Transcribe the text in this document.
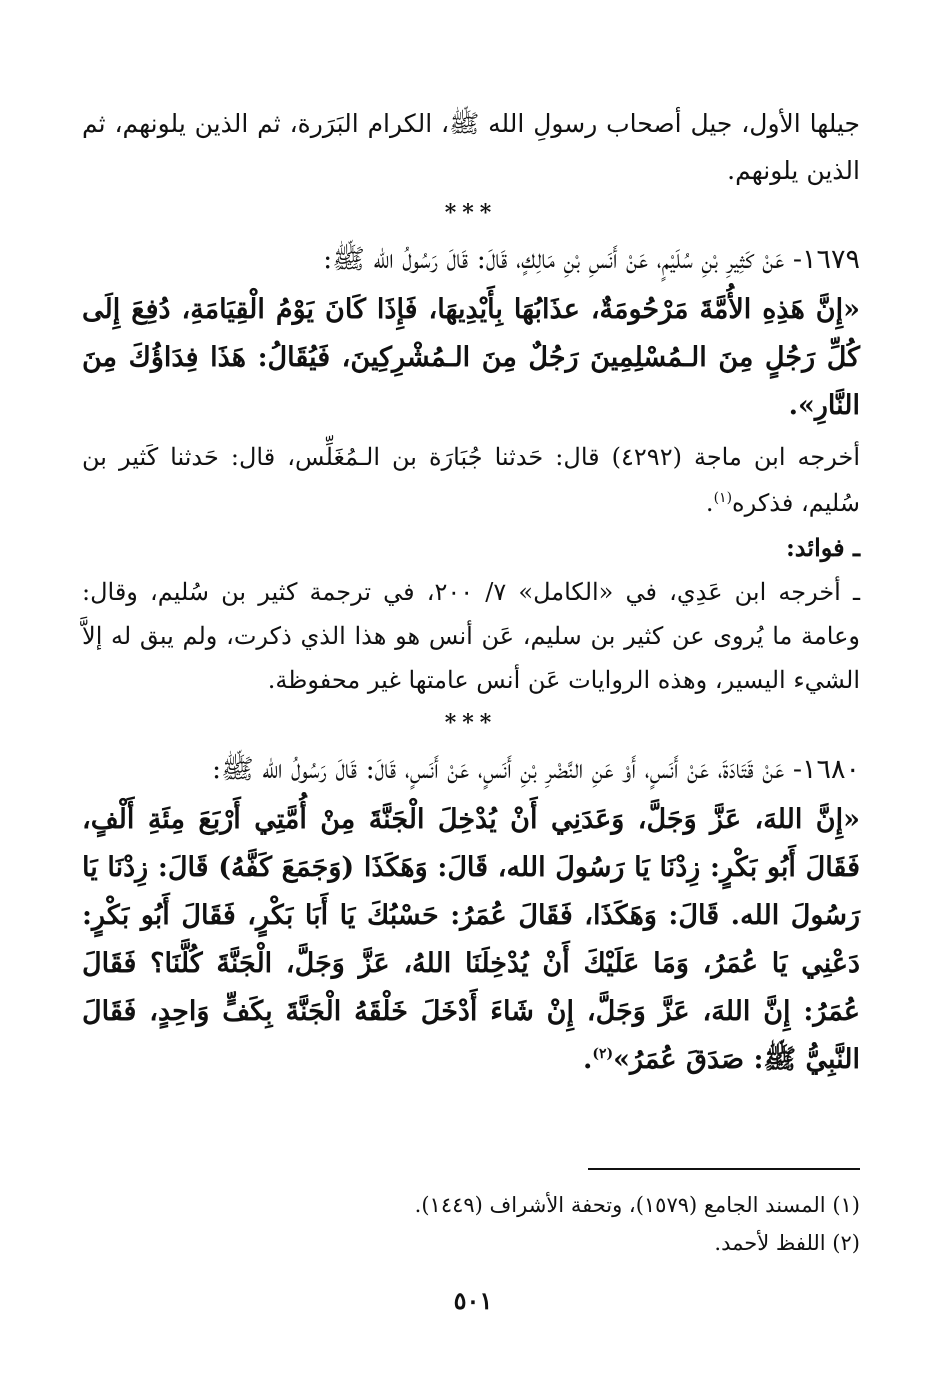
جيلها الأول، جيل أصحاب رسولِ الله ﷺ، الكرام البَرَرة، ثم الذين يلونهم، ثم الذين يلونهم.

***

١٦٧٩- عَنْ كَثِيرِ بْنِ سُلَيْمٍ، عَنْ أَنَسِ بْنِ مَالِكٍ، قَالَ: قَالَ رَسُولُ الله ﷺ:

«إِنَّ هَذِهِ الأُمَّةَ مَرْحُومَةٌ، عذَابُهَا بِأَيْدِيهَا، فَإِذَا كَانَ يَوْمُ الْقِيَامَةِ، دُفِعَ إِلَى كُلِّ رَجُلٍ مِنَ الـمُسْلِمِينَ رَجُلٌ مِنَ الـمُشْرِكِينَ، فَيُقَالُ: هَذَا فِدَاؤُكَ مِنَ النَّارِ».

أخرجه ابن ماجة (٤٢٩٢) قال: حَدثنا جُبَارَة بن الـمُغَلِّس، قال: حَدثنا كَثير بن سُليم، فذكره$^{(١)}$.

ـ فوائد:

ـ أخرجه ابن عَدِي، في «الكامل» ٧/ ٢٠٠، في ترجمة كثير بن سُليم، وقال: وعامة ما يُروى عن كثير بن سليم، عَن أنس هو هذا الذي ذكرت، ولم يبق له إلاَّ الشيء اليسير، وهذه الروايات عَن أنس عامتها غير محفوظة.

***

١٦٨٠- عَنْ قَتَادَةَ، عَنْ أَنَسٍ، أَوْ عَنِ النَّضْرِ بْنِ أَنَسٍ، عَنْ أَنَسٍ، قَالَ: قَالَ رَسُولُ الله ﷺ:

«إِنَّ اللهَ، عَزَّ وَجَلَّ، وَعَدَنِي أَنْ يُدْخِلَ الْجَنَّةَ مِنْ أُمَّتِي أَرْبَعَ مِئَةِ أَلْفٍ، فَقَالَ أَبُو بَكْرٍ: زِدْنَا يَا رَسُولَ الله، قَالَ: وَهَكَذَا (وَجَمَعَ كَفَّهُ) قَالَ: زِدْنَا يَا رَسُولَ الله. قَالَ: وَهَكَذَا، فَقَالَ عُمَرُ: حَسْبُكَ يَا أَبَا بَكْرٍ، فَقَالَ أَبُو بَكْرٍ: دَعْنِي يَا عُمَرُ، وَمَا عَلَيْكَ أَنْ يُدْخِلَنَا اللهُ، عَزَّ وَجَلَّ، الْجَنَّةَ كُلَّنَا؟ فَقَالَ عُمَرُ: إِنَّ اللهَ، عَزَّ وَجَلَّ، إِنْ شَاءَ أَدْخَلَ خَلْقَهُ الْجَنَّةَ بِكَفٍّ وَاحِدٍ، فَقَالَ النَّبِيُّ ﷺ: صَدَقَ عُمَرُ»$^{(٢)}$.

(١) المسند الجامع (١٥٧٩)، وتحفة الأشراف (١٤٤٩).

(٢) اللفظ لأحمد.

٥٠١
